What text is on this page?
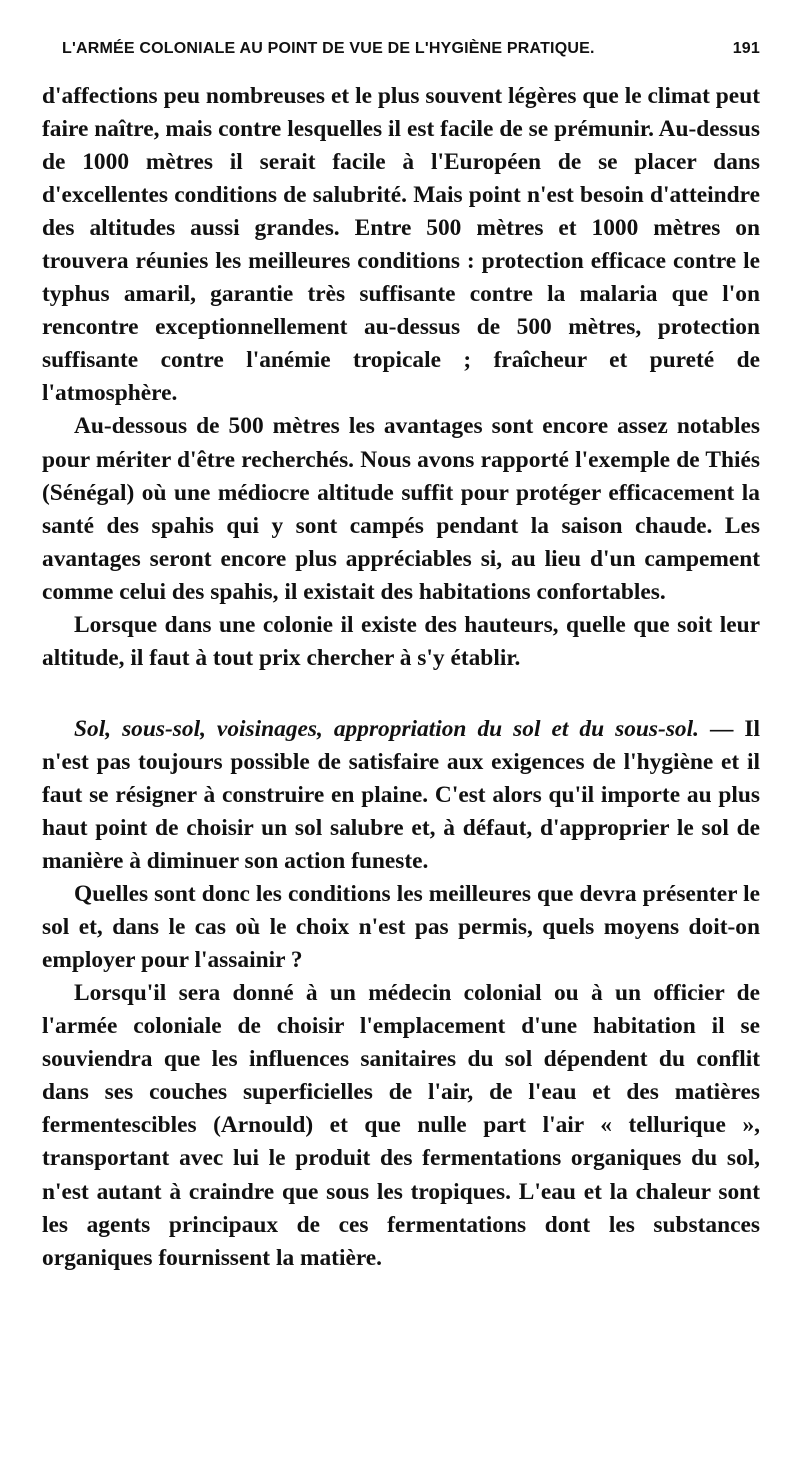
L'ARMÉE COLONIALE AU POINT DE VUE DE L'HYGIÈNE PRATIQUE.	191

d'affections peu nombreuses et le plus souvent légères que le climat peut faire naître, mais contre lesquelles il est facile de se prémunir. Au-dessus de 1000 mètres il serait facile à l'Européen de se placer dans d'excellentes conditions de salubrité. Mais point n'est besoin d'atteindre des altitudes aussi grandes. Entre 500 mètres et 1000 mètres on trouvera réunies les meilleures conditions : protection efficace contre le typhus amaril, garantie très suffisante contre la malaria que l'on rencontre exceptionnellement au-dessus de 500 mètres, protection suffisante contre l'anémie tropicale ; fraîcheur et pureté de l'atmosphère.

Au-dessous de 500 mètres les avantages sont encore assez notables pour mériter d'être recherchés. Nous avons rapporté l'exemple de Thiés (Sénégal) où une médiocre altitude suffit pour protéger efficacement la santé des spahis qui y sont campés pendant la saison chaude. Les avantages seront encore plus appréciables si, au lieu d'un campement comme celui des spahis, il existait des habitations confortables.

Lorsque dans une colonie il existe des hauteurs, quelle que soit leur altitude, il faut à tout prix chercher à s'y établir.

Sol, sous-sol, voisinages, appropriation du sol et du sous-sol. — Il n'est pas toujours possible de satisfaire aux exigences de l'hygiène et il faut se résigner à construire en plaine. C'est alors qu'il importe au plus haut point de choisir un sol salubre et, à défaut, d'approprier le sol de manière à diminuer son action funeste.

Quelles sont donc les conditions les meilleures que devra présenter le sol et, dans le cas où le choix n'est pas permis, quels moyens doit-on employer pour l'assainir ?

Lorsqu'il sera donné à un médecin colonial ou à un officier de l'armée coloniale de choisir l'emplacement d'une habitation il se souviendra que les influences sanitaires du sol dépendent du conflit dans ses couches superficielles de l'air, de l'eau et des matières fermentescibles (Arnould) et que nulle part l'air « tellurique », transportant avec lui le produit des fermentations organiques du sol, n'est autant à craindre que sous les tropiques. L'eau et la chaleur sont les agents principaux de ces fermentations dont les substances organiques fournissent la matière.
